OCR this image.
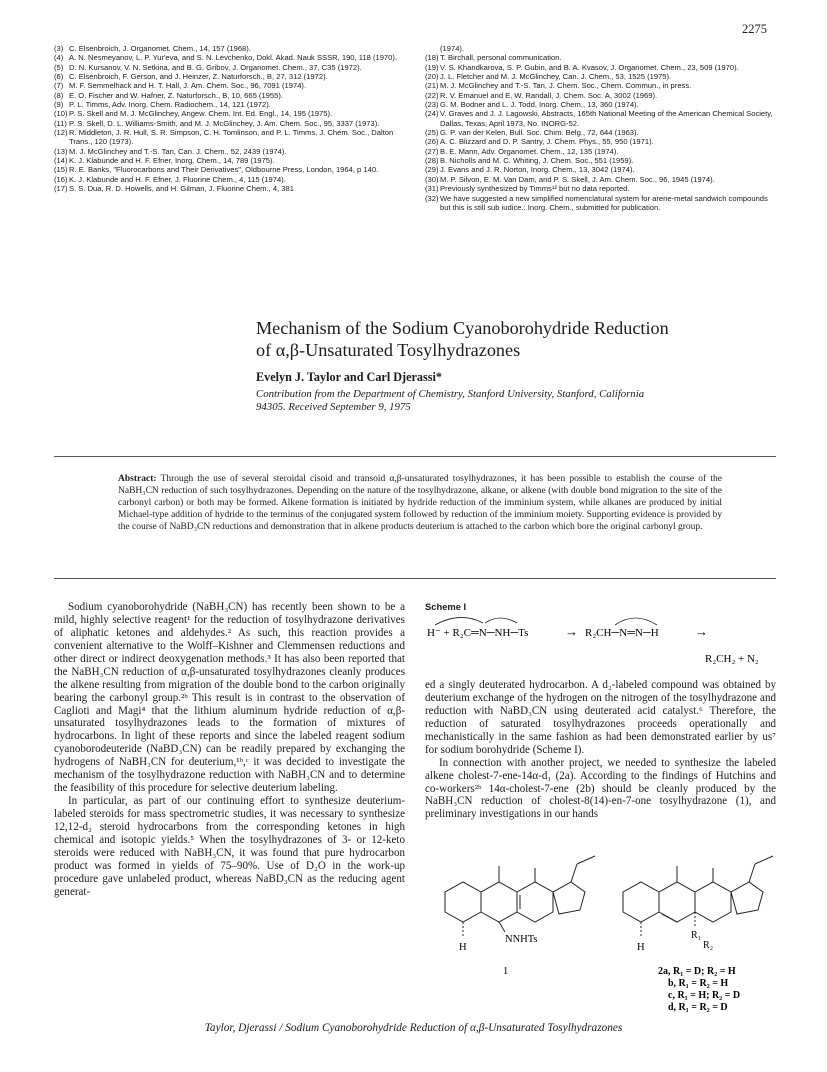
2275

(3) C. Elsenbroich, J. Organomet. Chem., 14, 157 (1968).

(4) A. N. Nesmeyanov, L. P. Yur'eva, and S. N. Levchenko, Dokl. Akad. Nauk SSSR, 190, 118 (1970).

(5) D. N. Kursanov, V. N. Setkina, and B. G. Gribov, J. Organomet. Chem., 37, C35 (1972).

(6) C. Elsenbroich, F. Gerson, and J. Heinzer, Z. Naturforsch., B, 27, 312 (1972).

(7) M. F. Semmelhack and H. T. Hall, J. Am. Chem. Soc., 96, 7091 (1974).

(8) E. O. Fischer and W. Hafner, Z. Naturforsch., B, 10, 665 (1955).

(9) P. L. Timms, Adv. Inorg. Chem. Radiochem., 14, 121 (1972).

(10) P. S. Skell and M. J. McGlinchey, Angew. Chem. Int. Ed. Engl., 14, 195 (1975).

(11) P. S. Skell, D. L. Williams-Smith, and M. J. McGlinchey, J. Am. Chem. Soc., 95, 3337 (1973).

(12) R. Middleton, J. R. Hull, S. R. Simpson, C. H. Tomlinson, and P. L. Timms, J. Chem. Soc., Dalton Trans., 120 (1973).

(13) M. J. McGlinchey and T.-S. Tan, Can. J. Chem., 52, 2439 (1974).

(14) K. J. Klabunde and H. F. Efner, Inorg. Chem., 14, 789 (1975).

(15) R. E. Banks, "Fluorocarbons and Their Derivatives", Oldbourne Press, London, 1964, p 140.

(16) K. J. Klabunde and H. F. Efner, J. Fluorine Chem., 4, 115 (1974).

(17) S. S. Dua, R. D. Howells, and H. Gilman, J. Fluorine Chem., 4, 381

(1974).

(18) T. Birchall, personal communication.

(19) V. S. Khandkarova, S. P. Gubin, and B. A. Kvasov, J. Organomet. Chem., 23, 509 (1970).

(20) J. L. Fletcher and M. J. McGlinchey, Can. J. Chem., 53, 1525 (1975).

(21) M. J. McGlinchey and T.-S. Tan, J. Chem. Soc., Chem. Commun., in press.

(22) R. V. Emanuel and E. W. Randall, J. Chem. Soc. A, 3002 (1969).

(23) G. M. Bodner and L. J. Todd, Inorg. Chem., 13, 360 (1974).

(24) V. Graves and J. J. Lagowski, Abstracts, 165th National Meeting of the American Chemical Society, Dallas, Texas, April 1973, No. INORG-52.

(25) G. P. van der Kelen, Bull. Soc. Chim. Belg., 72, 644 (1963).

(26) A. C. Blizzard and D. P. Santry, J. Chem. Phys., 55, 950 (1971).

(27) B. E. Mann, Adv. Organomet. Chem., 12, 135 (1974).

(28) B. Nicholls and M. C. Whiting, J. Chem. Soc., 551 (1959).

(29) J. Evans and J. R. Norton, Inorg. Chem., 13, 3042 (1974).

(30) M. P. Silvon, E. M. Van Dam, and P. S. Skell, J. Am. Chem. Soc., 96, 1945 (1974).

(31) Previously synthesized by Timms¹² but no data reported.

(32) We have suggested a new simplified nomenclatural system for arene-metal sandwich compounds but this is still sub iudice.: Inorg. Chem., submitted for publication.

Mechanism of the Sodium Cyanoborohydride Reduction
of α,β-Unsaturated Tosylhydrazones
Evelyn J. Taylor and Carl Djerassi*
Contribution from the Department of Chemistry, Stanford University, Stanford, California
94305. Received September 9, 1975
Abstract: Through the use of several steroidal cisoid and transoid α,β-unsaturated tosylhydrazones, it has been possible to establish the course of the NaBH₃CN reduction of such tosylhydrazones. Depending on the nature of the tosylhydrazone, alkane, or alkene (with double bond migration to the site of the carbonyl carbon) or both may be formed. Alkene formation is initiated by hydride reduction of the imminium system, while alkanes are produced by initial Michael-type addition of hydride to the terminus of the conjugated system followed by reduction of the imminium moiety. Supporting evidence is provided by the course of NaBD₃CN reductions and demonstration that in alkene products deuterium is attached to the carbon which bore the original carbonyl group.

Sodium cyanoborohydride (NaBH₃CN) has recently been shown to be a mild, highly selective reagent¹ for the reduction of tosylhydrazone derivatives of aliphatic ketones and aldehydes.² As such, this reaction provides a convenient alternative to the Wolff–Kishner and Clemmensen reductions and other direct or indirect deoxygenation methods.³ It has also been reported that the NaBH₃CN reduction of α,β-unsaturated tosylhydrazones cleanly produces the alkene resulting from migration of the double bond to the carbon originally bearing the carbonyl group.²ᵇ This result is in contrast to the observation of Caglioti and Magi⁴ that the lithium aluminum hydride reduction of α,β-unsaturated tosylhydrazones leads to the formation of mixtures of hydrocarbons. In light of these reports and since the labeled reagent sodium cyanoborodeuteride (NaBD₃CN) can be readily prepared by exchanging the hydrogens of NaBH₃CN for deuterium,¹ᵇ,ᶜ it was decided to investigate the mechanism of the tosylhydrazone reduction with NaBH₃CN and to determine the feasibility of this procedure for selective deuterium labeling.

In particular, as part of our continuing effort to synthesize deuterium-labeled steroids for mass spectrometric studies, it was necessary to synthesize 12,12-d₂ steroid hydrocarbons from the corresponding ketones in high chemical and isotopic yields.⁵ When the tosylhydrazones of 3- or 12-keto steroids were reduced with NaBH₃CN, it was found that pure hydrocarbon product was formed in yields of 75–90%. Use of D₂O in the work-up procedure gave unlabeled product, whereas NaBD₃CN as the reducing agent generat-

Scheme I
H⁻ + R₂C═N─NH─Ts	→ R₂CH─N═N─H	→
R₂CH₂ + N₂

ed a singly deuterated hydrocarbon. A d₂-labeled compound was obtained by deuterium exchange of the hydrogen on the nitrogen of the tosylhydrazone and reduction with NaBD₃CN using deuterated acid catalyst.⁶ Therefore, the reduction of saturated tosylhydrazones proceeds operationally and mechanistically in the same fashion as had been demonstrated earlier by us⁷ for sodium borohydride (Scheme I).

In connection with another project, we needed to synthesize the labeled alkene cholest-7-ene-14α-d₁ (2a). According to the findings of Hutchins and co-workers²ᵇ 14α-cholest-7-ene (2b) should be cleanly produced by the NaBH₃CN reduction of cholest-8(14)-en-7-one tosylhydrazone (1), and preliminary investigations in our hands

NNHTs
H
1
R₁
R₂
H
2a, R₁ = D; R₂ = H
b, R₁ = R₂ = H
c, R₁ = H; R₂ = D
d, R₁ = R₂ = D
Taylor, Djerassi / Sodium Cyanoborohydride Reduction of α,β-Unsaturated Tosylhydrazones
